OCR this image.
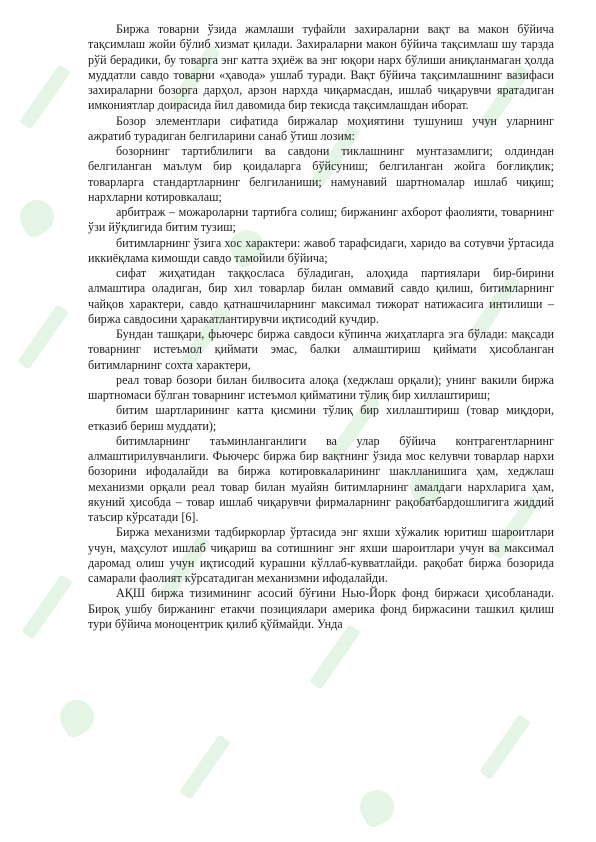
Биржа товарни ўзида жамлаши туфайли захираларни вақт ва макон бўйича тақсимлаш жойи бўлиб хизмат қилади. Захираларни макон бўйича тақсимлаш шу тарзда рўй берадики, бу товарга энг катта эҳиёж ва энг юқори нарх бўлиши аниқланмаган ҳолда муддатли савдо товарни «ҳавода» ушлаб туради. Вақт бўйича тақсимлашнинг вазифаси захираларни бозорга дарҳол, арзон нархда чиқармасдан, ишлаб чиқарувчи яратадиган имкониятлар доирасида йил давомида бир текисда тақсимлашдан иборат.

Бозор элементлари сифатида биржалар моҳиятини тушуниш учун уларнинг ажратиб турадиган белгиларини санаб ўтиш лозим:

бозорнинг тартиблилиги ва савдони тиклашнинг мунтазамлиги; олдиндан белгиланган маълум бир қоидаларга бўйсуниш; белгиланган жойга боғлиқлик; товарларга стандартларнинг белгиланиши; намунавий шартномалар ишлаб чиқиш; нархларни котировкалаш;

арбитраж – можароларни тартибга солиш; биржанинг ахборот фаолияти, товарнинг ўзи йўқлигида битим тузиш;

битимларнинг ўзига хос характери: жавоб тарафсидаги, харидо ва сотувчи ўртасида иккиёқлама кимошди савдо тамойили бўйича;

сифат жиҳатидан таққосласа бўладиган, алоҳида партиялари бир-бирини алмаштира оладиган, бир хил товарлар билан оммавий савдо қилиш, битимларнинг чайқов характери, савдо қатнашчиларнинг максимал тижорат натижасига интилиши – биржа савдосини ҳаракатлантирувчи иқтисодий кучдир.

Бундан ташқари, фьючерс биржа савдоси кўпинча жиҳатларга эга бўлади: мақсади товарнинг истеъмол қиймати эмас, балки алмаштириш қиймати ҳисобланган битимларнинг сохта характери,

реал товар бозори билан билвосита алоқа (хеджлаш орқали); унинг вакили биржа шартномаси бўлган товарнинг истеъмол қийматини тўлиқ бир хиллаштириш;

битим шартларининг катта қисмини тўлиқ бир хиллаштириш (товар миқдори, етказиб бериш муддати);

битимларнинг таъминланганлиги ва улар бўйича контрагентларнинг алмаштирилувчанлиги. Фьючерс биржа бир вақтнинг ўзида мос келувчи товарлар нархи бозорини ифодалайди ва биржа котировкаларининг шаклланишига ҳам, хеджлаш механизми орқали реал товар билан муайян битимларнинг амалдаги нархларига ҳам, якуний ҳисобда – товар ишлаб чиқарувчи фирмаларнинг рақобатбардошлигига жиддий таъсир кўрсатади [6].

Биржа механизми тадбиркорлар ўртасида энг яхши хўжалик юритиш шароитлари учун, маҳсулот ишлаб чиқариш ва сотишнинг энг яхши шароитлари учун ва максимал даромад олиш учун иқтисодий курашни кўллаб-кувватлайди. рақобат биржа бозорида самарали фаолият кўрсатадиган механизмни ифодалайди.

АҚШ биржа тизимининг асосий бўғини Нью-Йорк фонд биржаси ҳисобланади. Бироқ ушбу биржанинг етакчи позициялари америка фонд биржасини ташкил қилиш тури бўйича моноцентрик қилиб қўймайди. Унда
